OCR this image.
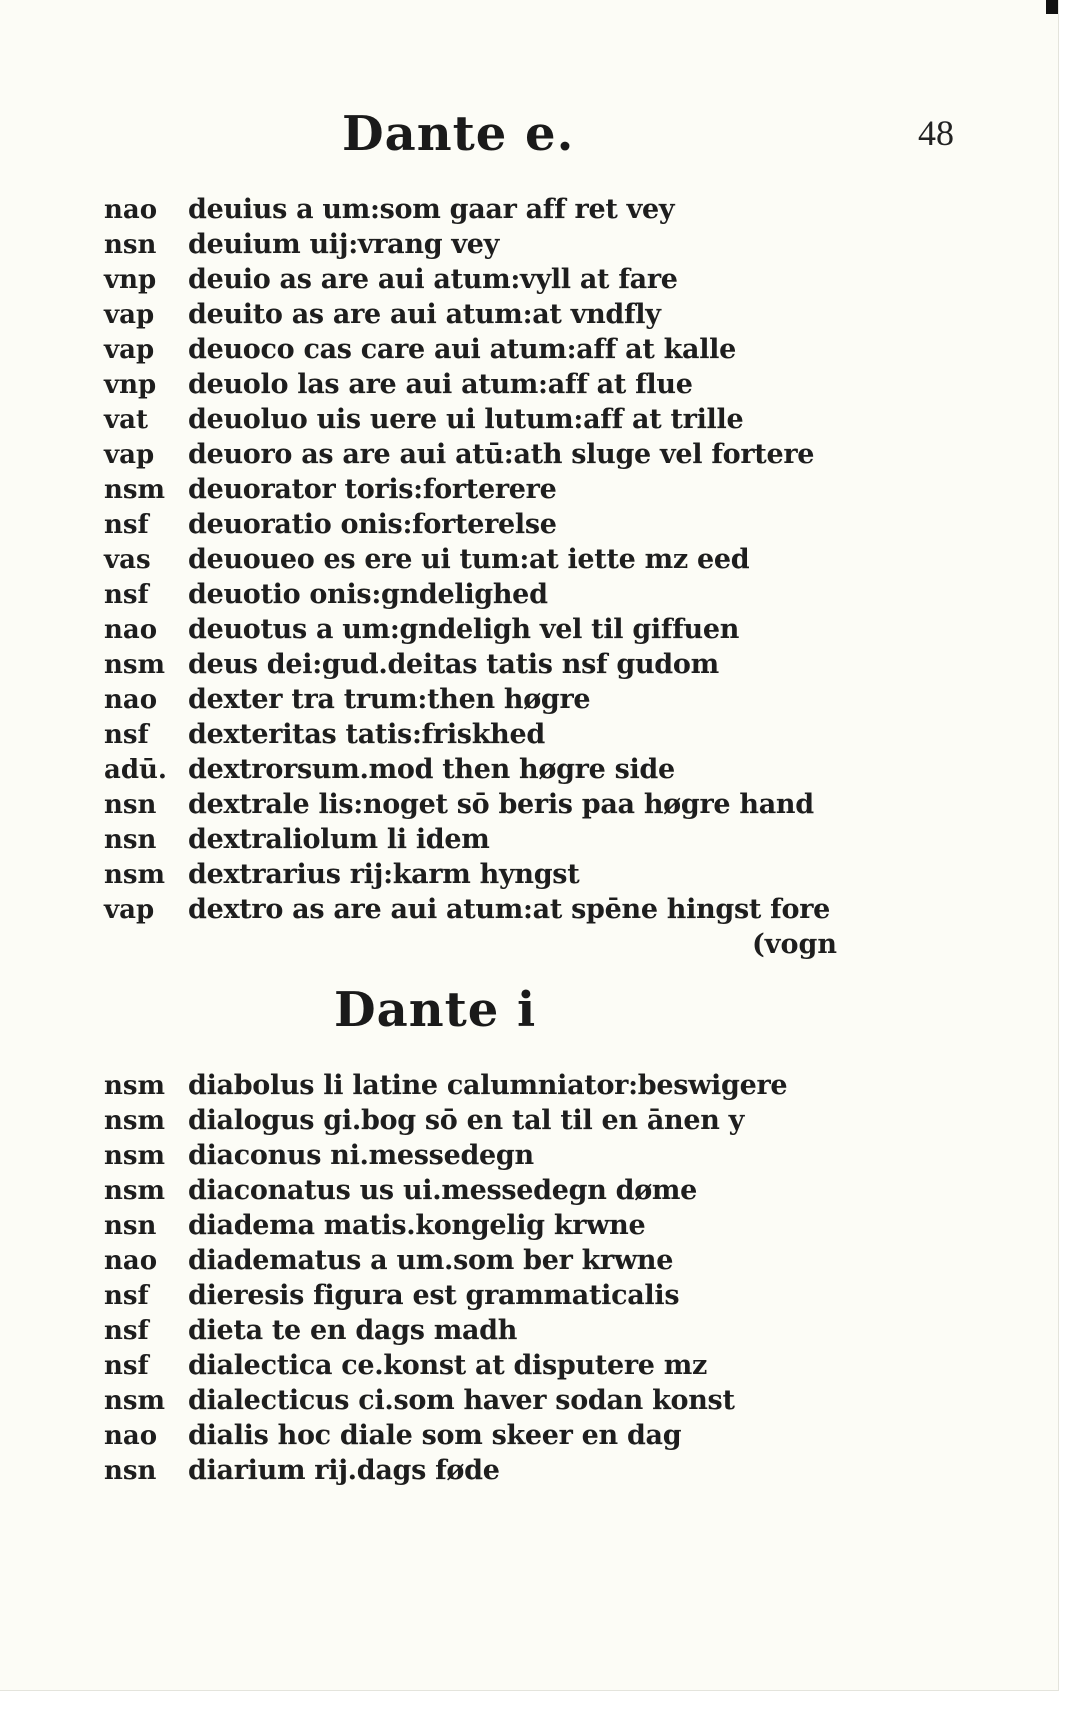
48
Dante e.
nao deuius a um:som gaar aff ret vey
nsn deuium uij:vrang vey
vnp deuio as are aui atum:vyll at fare
vap deuito as are aui atum:at vndfly
vap deuoco cas care aui atum:aff at kalle
vnp deuolo las are aui atum:aff at flue
vat deuoluo uis uere ui lutum:aff at trille
vap deuoro as are aui atū:ath sluge vel fortere
nsm deuorator toris:forterere
nsf deuoratio onis:forterelse
vas deuoueo es ere ui tum:at iette mz eed
nsf deuotio onis:gndelighed
nao deuotus a um:gndeligh vel til giffuen
nsm deus dei:gud.deitas tatis nsf gudom
nao dexter tra trum:then høgre
nsf dexteritas tatis:friskhed
adū. dextrorsum.mod then høgre side
nsn dextrale lis:noget sō beris paa høgre hand
nsn dextraliolum li idem
nsm dextrarius rij:karm hyngst
vap dextro as are aui atum:at spēne hingst fore
(vogn
Dante i
nsm diabolus li latine calumniator:beswigere
nsm dialogus gi.bog sō en tal til en ānen y
nsm diaconus ni.messedegn
nsm diaconatus us ui.messedegn døme
nsn diadema matis.kongelig krwne
nao diadematus a um.som ber krwne
nsf dieresis figura est grammaticalis
nsf dieta te en dags madh
nsf dialectica ce.konst at disputere mz
nsm dialecticus ci.som haver sodan konst
nao dialis hoc diale som skeer en dag
nsn diarium rij.dags føde
